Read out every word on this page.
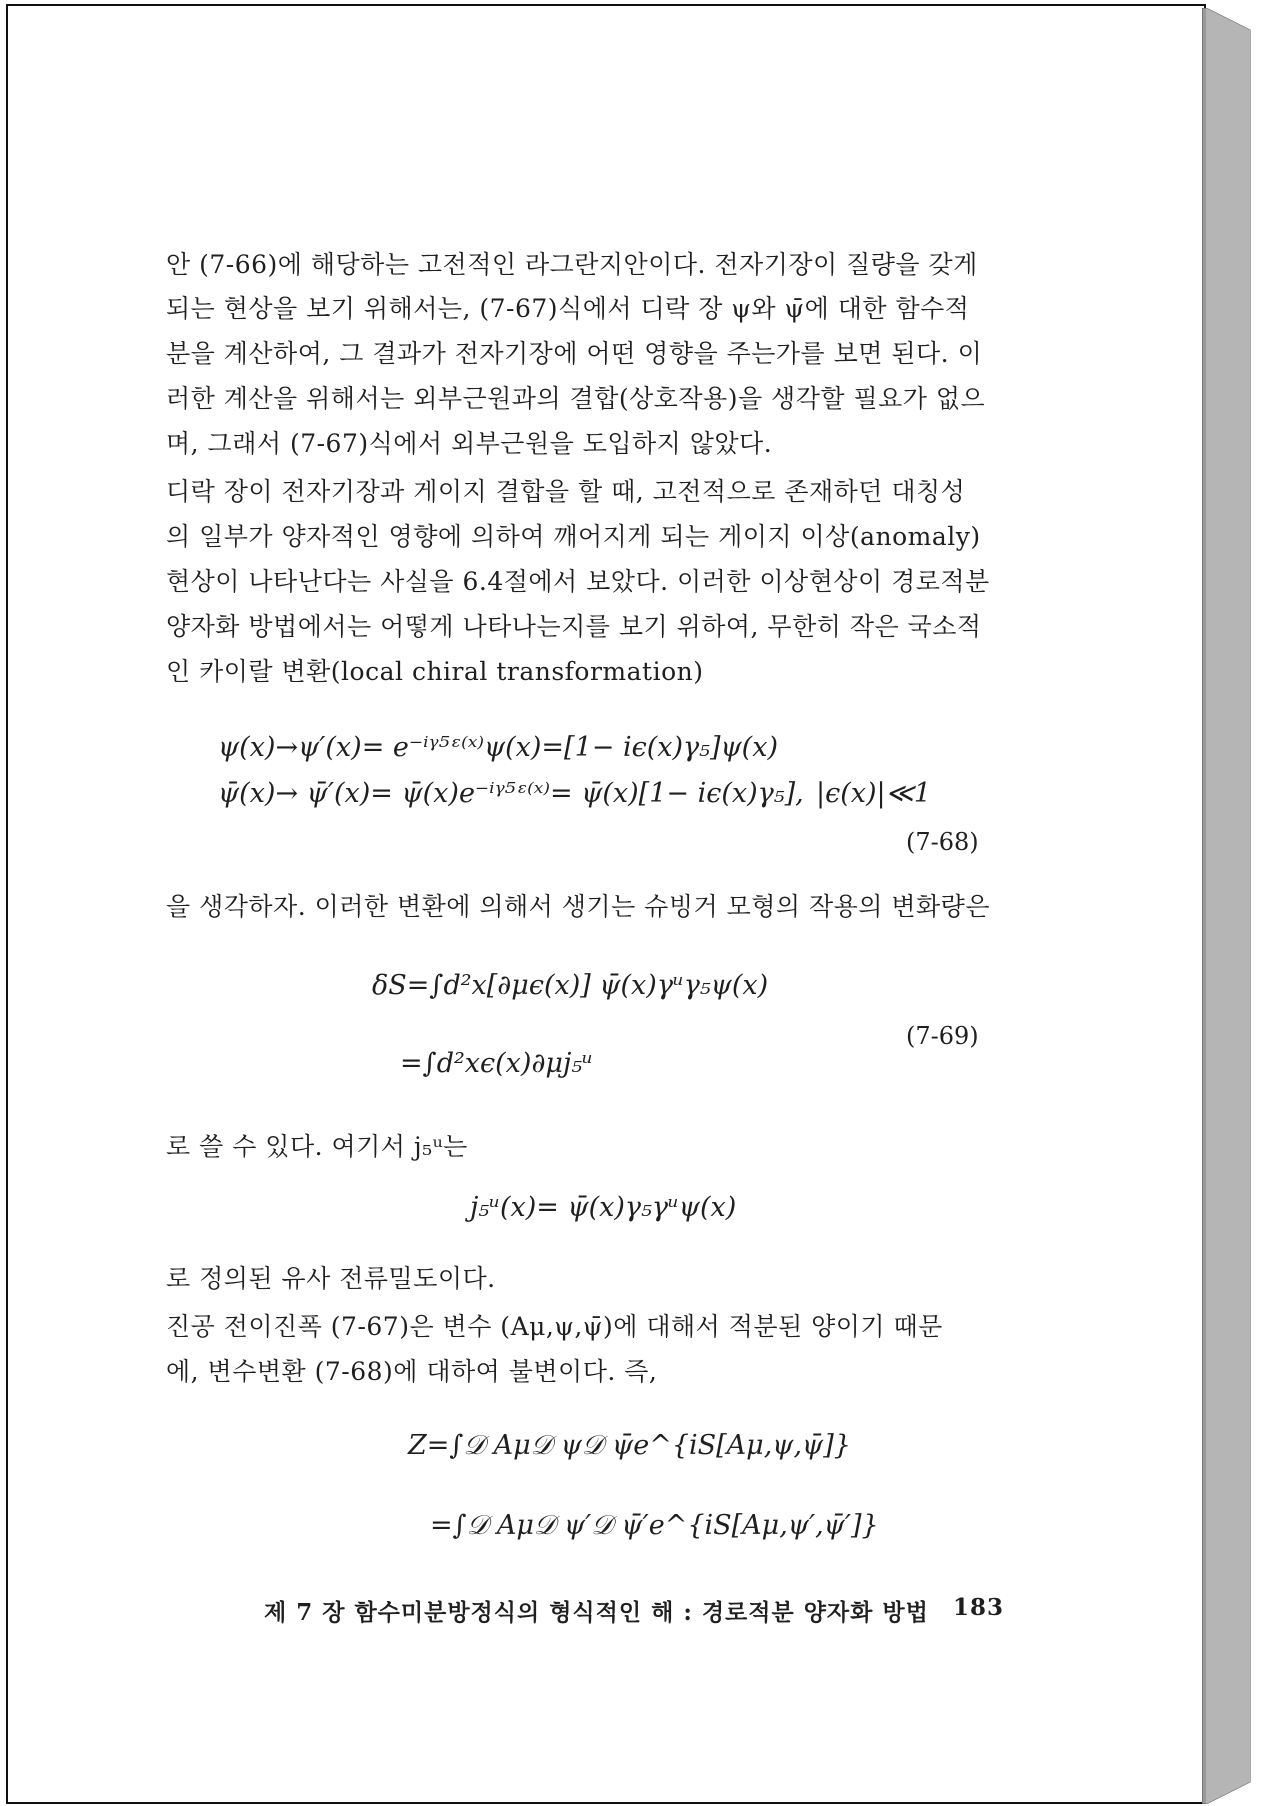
안 (7-66)에 해당하는 고전적인 라그란지안이다. 전자기장이 질량을 갖게
되는 현상을 보기 위해서는, (7-67)식에서 디락 장 ψ와 ψ̄에 대한 함수적
분을 계산하여, 그 결과가 전자기장에 어떤 영향을 주는가를 보면 된다. 이
러한 계산을 위해서는 외부근원과의 결합(상호작용)을 생각할 필요가 없으
며, 그래서 (7-67)식에서 외부근원을 도입하지 않았다.
디락 장이 전자기장과 게이지 결합을 할 때, 고전적으로 존재하던 대칭성
의 일부가 양자적인 영향에 의하여 깨어지게 되는 게이지 이상(anomaly)
현상이 나타난다는 사실을 6.4절에서 보았다. 이러한 이상현상이 경로적분
양자화 방법에서는 어떻게 나타나는지를 보기 위하여, 무한히 작은 국소적
인 카이랄 변환(local chiral transformation)
ψ(x)→ψ′(x)= e⁻ⁱᵞ⁵ᵋ⁽ˣ⁾ψ(x)=[1− iϵ(x)γ₅]ψ(x)
ψ̄(x)→ ψ̄′(x)= ψ̄(x)e⁻ⁱᵞ⁵ᵋ⁽ˣ⁾= ψ̄(x)[1− iϵ(x)γ₅], |ϵ(x)|≪1
(7-68)
을 생각하자. 이러한 변환에 의해서 생기는 슈빙거 모형의 작용의 변화량은
δS=∫d²x[∂μϵ(x)] ψ̄(x)γᵘγ₅ψ(x)
=∫d²xϵ(x)∂μj₅ᵘ
(7-69)
로 쓸 수 있다. 여기서 j₅ᵘ는
j₅ᵘ(x)= ψ̄(x)γ₅γᵘψ(x)
로 정의된 유사 전류밀도이다.
진공 전이진폭 (7-67)은 변수 (Aμ,ψ,ψ̄)에 대해서 적분된 양이기 때문
에, 변수변환 (7-68)에 대하여 불변이다. 즉,
Z=∫𝒟 Aμ𝒟 ψ𝒟 ψ̄e^{iS[Aμ,ψ,ψ̄]}
=∫𝒟 Aμ𝒟 ψ′𝒟 ψ̄′e^{iS[Aμ,ψ′,ψ̄′]}
제 7 장 함수미분방정식의 형식적인 해 : 경로적분 양자화 방법 183
